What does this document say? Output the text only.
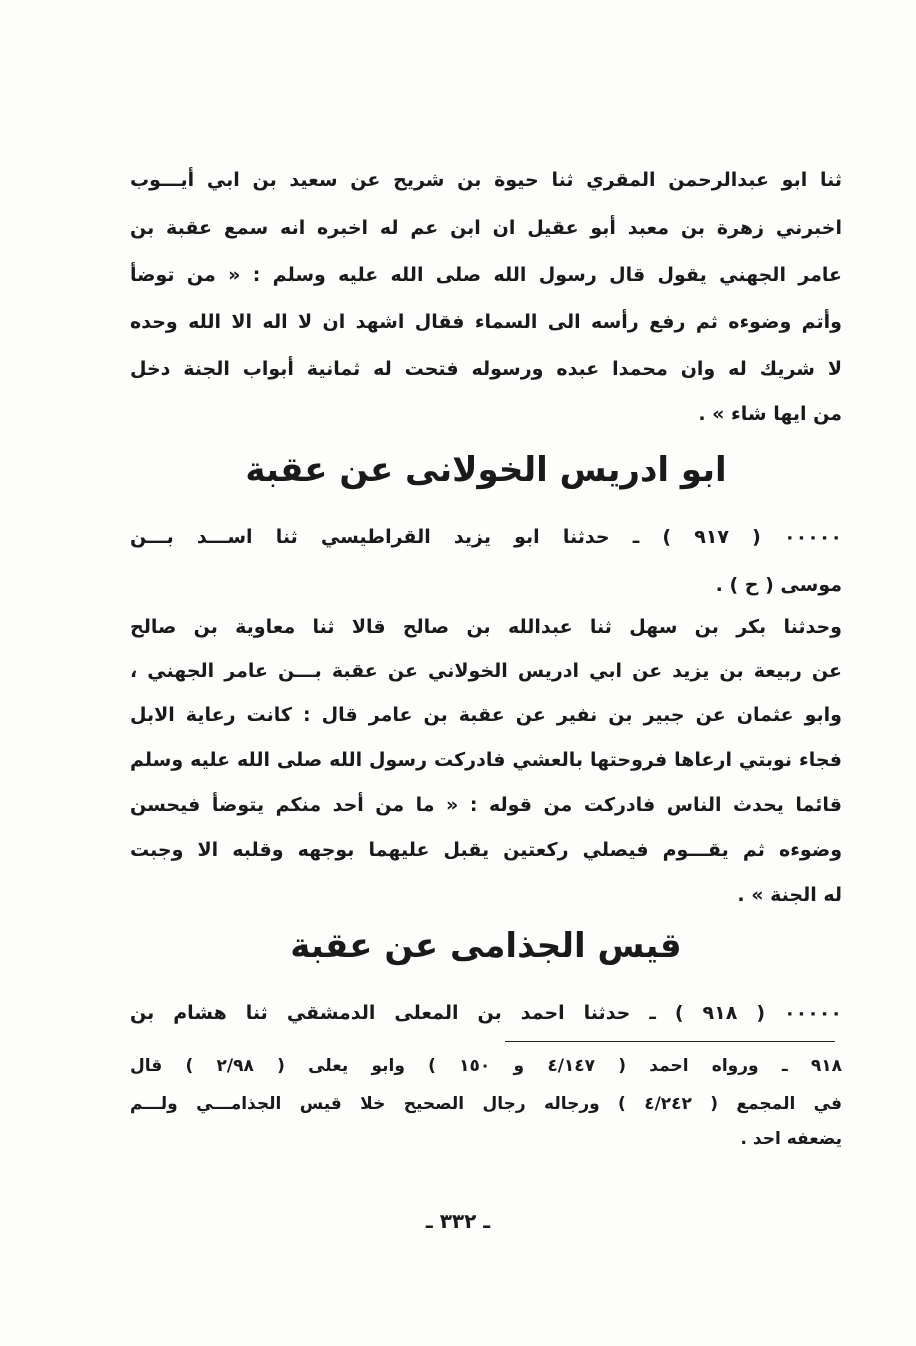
ثنا ابو عبدالرحمن المقري ثنا حيوة بن شريح عن سعيد بن ابي أيـــوب
اخبرني زهرة بن معبد أبو عقيل ان ابن عم له اخبره انه سمع عقبة بن
عامر الجهني يقول قال رسول الله صلى الله عليه وسلم : « من توضأ
وأتم وضوءه ثم رفع رأسه الى السماء فقال اشهد ان لا اله الا الله وحده
لا شريك له وان محمدا عبده ورسوله فتحت له ثمانية أبواب الجنة دخل
من ايها شاء » .
ابو ادريس الخولانى عن عقبة
٠٠٠٠٠ ( ٩١٧ ) ـ حدثنا ابو يزيد القراطيسي ثنا اســـد بـــن
موسى ( ح ) .
وحدثنا بكر بن سهل ثنا عبدالله بن صالح قالا ثنا معاوية بن صالح
عن ربيعة بن يزيد عن ابي ادريس الخولاني عن عقبة بـــن عامر الجهني ،
وابو عثمان عن جبير بن نفير عن عقبة بن عامر قال : كانت رعاية الابل
فجاء نوبتي ارعاها فروحتها بالعشي فادركت رسول الله صلى الله عليه وسلم
قائما يحدث الناس فادركت من قوله : « ما من أحد منكم يتوضأ فيحسن
وضوءه ثم يقـــوم فيصلي ركعتين يقبل عليهما بوجهه وقلبه الا وجبت
له الجنة » .
قيس الجذامى عن عقبة
٠٠٠٠٠ ( ٩١٨ ) ـ حدثنا احمد بن المعلى الدمشقي ثنا هشام بن
٩١٨ ـ ورواه احمد ( ٤/١٤٧ و ١٥٠ ) وابو يعلى ( ٢/٩٨ ) قال
في المجمع ( ٤/٢٤٢ ) ورجاله رجال الصحيح خلا قيس الجذامـــي ولـــم
يضعفه احد .
ـ ٣٣٢ ـ
